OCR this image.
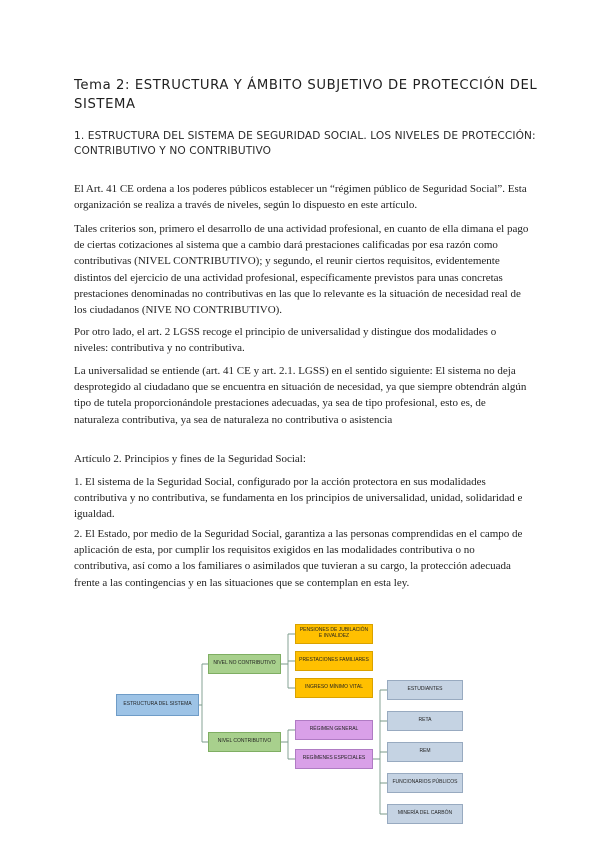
Tema 2: ESTRUCTURA Y ÁMBITO SUBJETIVO DE PROTECCIÓN DEL SISTEMA
1. ESTRUCTURA DEL SISTEMA DE SEGURIDAD SOCIAL. LOS NIVELES DE PROTECCIÓN: CONTRIBUTIVO Y NO CONTRIBUTIVO

El Art. 41 CE ordena a los poderes públicos establecer un “régimen público de Seguridad Social”. Esta organización se realiza a través de niveles, según lo dispuesto en este artículo.

Tales criterios son, primero el desarrollo de una actividad profesional, en cuanto de ella dimana el pago de ciertas cotizaciones al sistema que a cambio dará prestaciones calificadas por esa razón como contributivas (NIVEL CONTRIBUTIVO); y segundo, el reunir ciertos requisitos, evidentemente distintos del ejercicio de una actividad profesional, específicamente previstos para unas concretas prestaciones denominadas no contributivas en las que lo relevante es la situación de necesidad real de los ciudadanos (NIVE NO CONTRIBUTIVO).

Por otro lado, el art. 2 LGSS recoge el principio de universalidad y distingue dos modalidades o niveles: contributiva y no contributiva.

La universalidad se entiende (art. 41 CE y art. 2.1. LGSS) en el sentido siguiente: El sistema no deja desprotegido al ciudadano que se encuentra en situación de necesidad, ya que siempre obtendrán algún tipo de tutela proporcionándole prestaciones adecuadas, ya sea de tipo profesional, esto es, de naturaleza contributiva, ya sea de naturaleza no contributiva o asistencia

Artículo 2. Principios y fines de la Seguridad Social:

1. El sistema de la Seguridad Social, configurado por la acción protectora en sus modalidades contributiva y no contributiva, se fundamenta en los principios de universalidad, unidad, solidaridad e igualdad.

2. El Estado, por medio de la Seguridad Social, garantiza a las personas comprendidas en el campo de aplicación de esta, por cumplir los requisitos exigidos en las modalidades contributiva o no contributiva, así como a los familiares o asimilados que tuvieran a su cargo, la protección adecuada frente a las contingencias y en las situaciones que se contemplan en esta ley.

ESTRUCTURA DEL SISTEMA
NIVEL NO CONTRIBUTIVO
NIVEL CONTRIBUTIVO
PENSIONES DE JUBILACIÓN E INVALIDEZ
PRESTACIONES FAMILIARES
INGRESO MÍNIMO VITAL
RÉGIMEN GENERAL
REGÍMENES ESPECIALES
ESTUDIANTES
RETA
REM
FUNCIONARIOS PÚBLICOS
MINERÍA DEL CARBÓN
